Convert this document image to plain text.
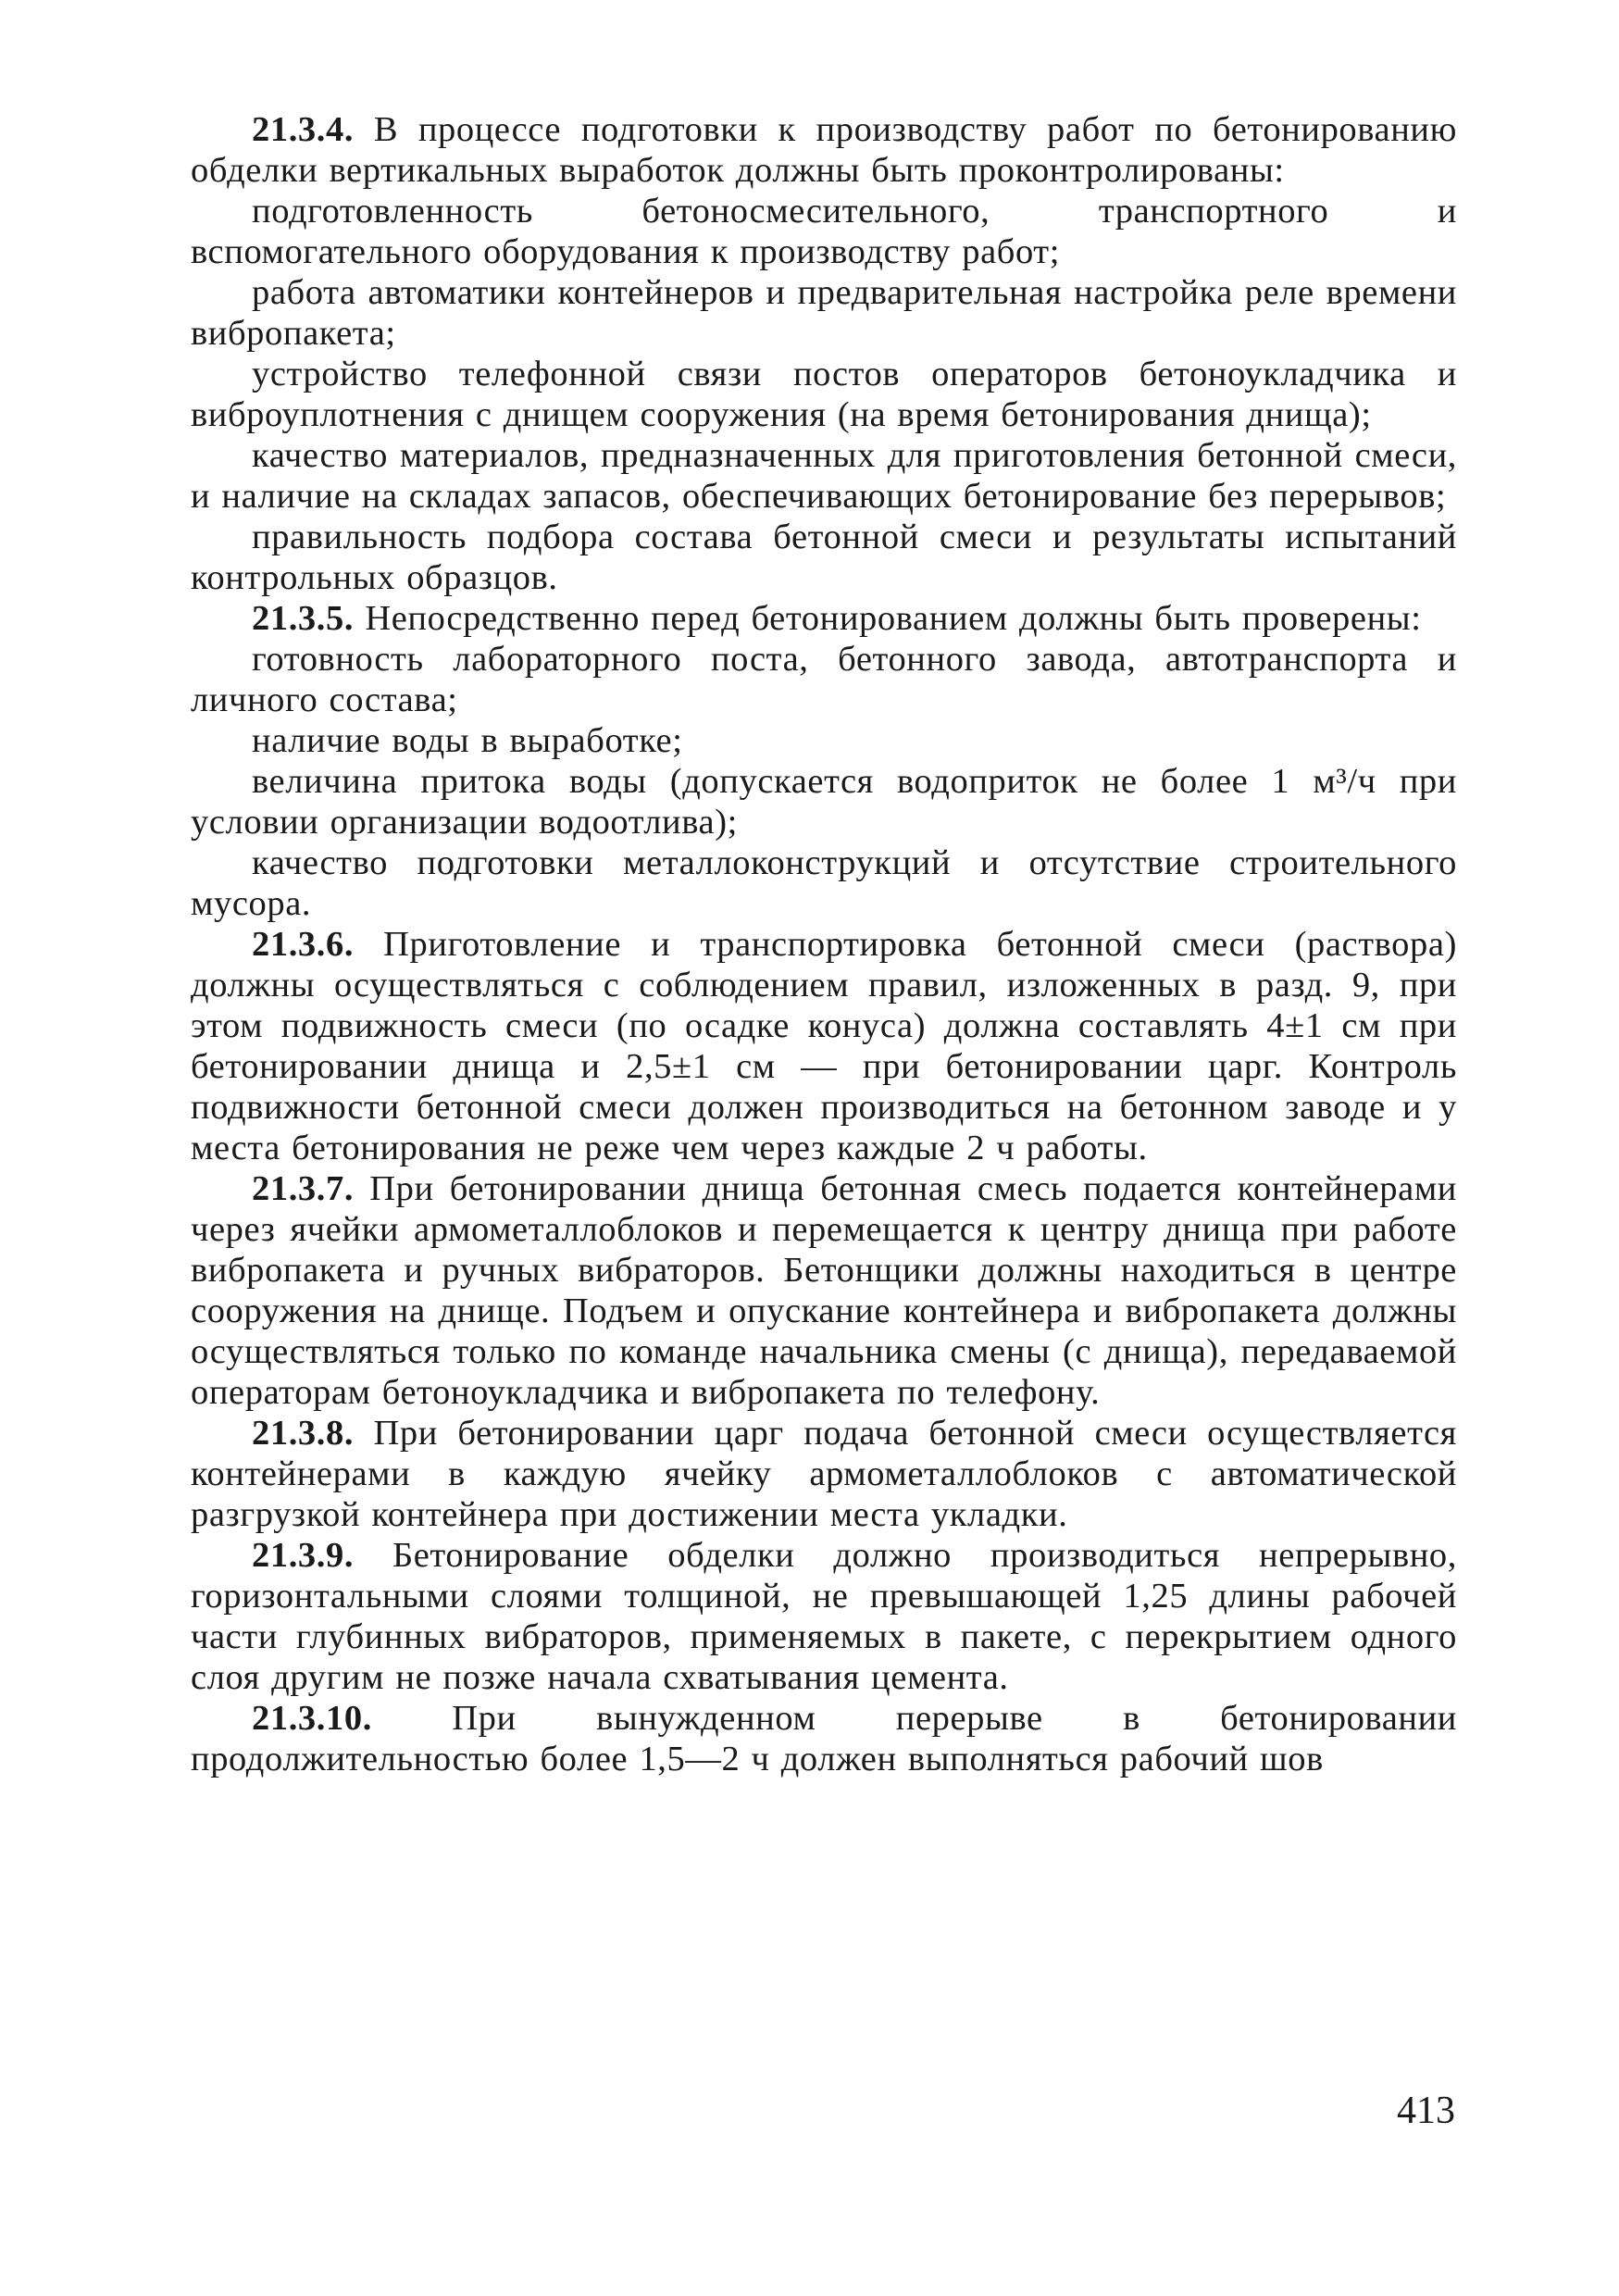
21.3.4. В процессе подготовки к производству работ по бетонированию обделки вертикальных выработок должны быть проконтролированы:

подготовленность бетоносмесительного, транспортного и вспомогательного оборудования к производству работ;

работа автоматики контейнеров и предварительная настройка реле времени вибропакета;

устройство телефонной связи постов операторов бетоноукладчика и виброуплотнения с днищем сооружения (на время бетонирования днища);

качество материалов, предназначенных для приготовления бетонной смеси, и наличие на складах запасов, обеспечивающих бетонирование без перерывов;

правильность подбора состава бетонной смеси и результаты испытаний контрольных образцов.

21.3.5. Непосредственно перед бетонированием должны быть проверены:

готовность лабораторного поста, бетонного завода, автотранспорта и личного состава;

наличие воды в выработке;

величина притока воды (допускается водоприток не более 1 м³/ч при условии организации водоотлива);

качество подготовки металлоконструкций и отсутствие строительного мусора.

21.3.6. Приготовление и транспортировка бетонной смеси (раствора) должны осуществляться с соблюдением правил, изложенных в разд. 9, при этом подвижность смеси (по осадке конуса) должна составлять 4±1 см при бетонировании днища и 2,5±1 см — при бетонировании царг. Контроль подвижности бетонной смеси должен производиться на бетонном заводе и у места бетонирования не реже чем через каждые 2 ч работы.

21.3.7. При бетонировании днища бетонная смесь подается контейнерами через ячейки армометаллоблоков и перемещается к центру днища при работе вибропакета и ручных вибраторов. Бетонщики должны находиться в центре сооружения на днище. Подъем и опускание контейнера и вибропакета должны осуществляться только по команде начальника смены (с днища), передаваемой операторам бетоноукладчика и вибропакета по телефону.

21.3.8. При бетонировании царг подача бетонной смеси осуществляется контейнерами в каждую ячейку армометаллоблоков с автоматической разгрузкой контейнера при достижении места укладки.

21.3.9. Бетонирование обделки должно производиться непрерывно, горизонтальными слоями толщиной, не превышающей 1,25 длины рабочей части глубинных вибраторов, применяемых в пакете, с перекрытием одного слоя другим не позже начала схватывания цемента.

21.3.10. При вынужденном перерыве в бетонировании продолжительностью более 1,5—2 ч должен выполняться рабочий шов

413
